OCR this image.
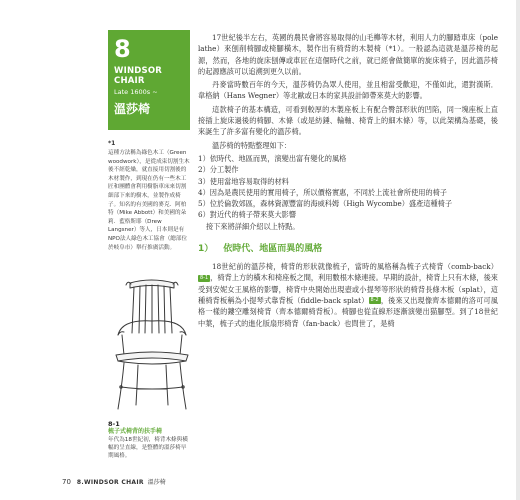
8
WINDSOR CHAIR
Late 1600s ~
溫莎椅
*1
這種方法稱為綠色木工（Green woodwork），是從成束切割生木後不經乾燥，就直接用切割後的木材製作，到現在仍有一些木工匠和團體會利用樹脂車床來切割細部下來的樹木，並製作成椅子。知名的有美國的麥克．阿柏特（Mike Abbott）和美國的朵莉．藍格斯耶（Drew Langsner）等人，日本則是有NPO法人綠色木工協會（總部位於岐阜市）舉行推廣活動。
8-1
梳子式椅背的扶手椅
年代為18世紀初，椅背木條與橫幅的呈直線，是整體的溫莎椅早期風格。

17世紀後半左右，英國的農民會將容易取得的山毛櫸等木材，利用人力的腳踏車床（pole lathe）來刨削椅腳或椅腳橫木，製作出有椅背的木製椅（*1）。一般認為這就是溫莎椅的起源，然而，各地的旋床刨傳或車匠在這個時代之前，就已經會做簡單的旋床椅子，因此溫莎椅的起源應該可以追溯到更久以前。

丹麥當時數百年的今天，溫莎椅仍為眾人使用，並且相當受歡迎，不僅如此，還對漢斯．韋格納（Hans Wegner）等北歐或日本的家具設計師帶來莫大的影響。

這款椅子的基本構造，可看到較厚的木製座板上有配合臀部形狀的凹陷，同一塊座板上直接插上旋床過後的椅腳、木條（或是紡錘、輪軸、椅背上的細木條）等，以此架構為基礎，後來誕生了許多富有變化的溫莎椅。

溫莎椅的特點整理如下：

1）依時代、地區而異，演變出富有變化的風格
2）分工製作
3）使用當地容易取得的材料
4）因為是農民使用的實用椅子，所以價格實惠，不同於上流社會所使用的椅子
5）位於倫敦郊區，森林資源豐富的海威科姆（High Wycombe）盛產這種椅子
6）對近代的椅子帶來莫大影響
接下來將詳細介紹以上特點。
1） 依時代、地區而異的風格

18世紀前的溫莎椅，椅背的形狀就像梳子，當時的風格稱為梳子式椅背（comb-back）8-1 ，椅背上方的橫木和椅座板之間，利用數根木條連接。早期的設計，椅背上只有木條，後來受到安妮女王風格的影響，椅背中央開始出現壺或小提琴等形狀的椅背長條木板（splat），這種椅背板稱為小提琴式靠背板（fiddle-back splat） 8-2 ，後來又出現像齊本德爾的洛可可風格一樣的鏤空雕刻椅背（齊本德爾椅背板）。椅腳也從直線形逐漸演變出猫腳型。到了18世紀中葉，梳子式的進化版扇形椅背（fan-back）也問世了，是椅

70 8.WINDSOR CHAIR 溫莎椅
